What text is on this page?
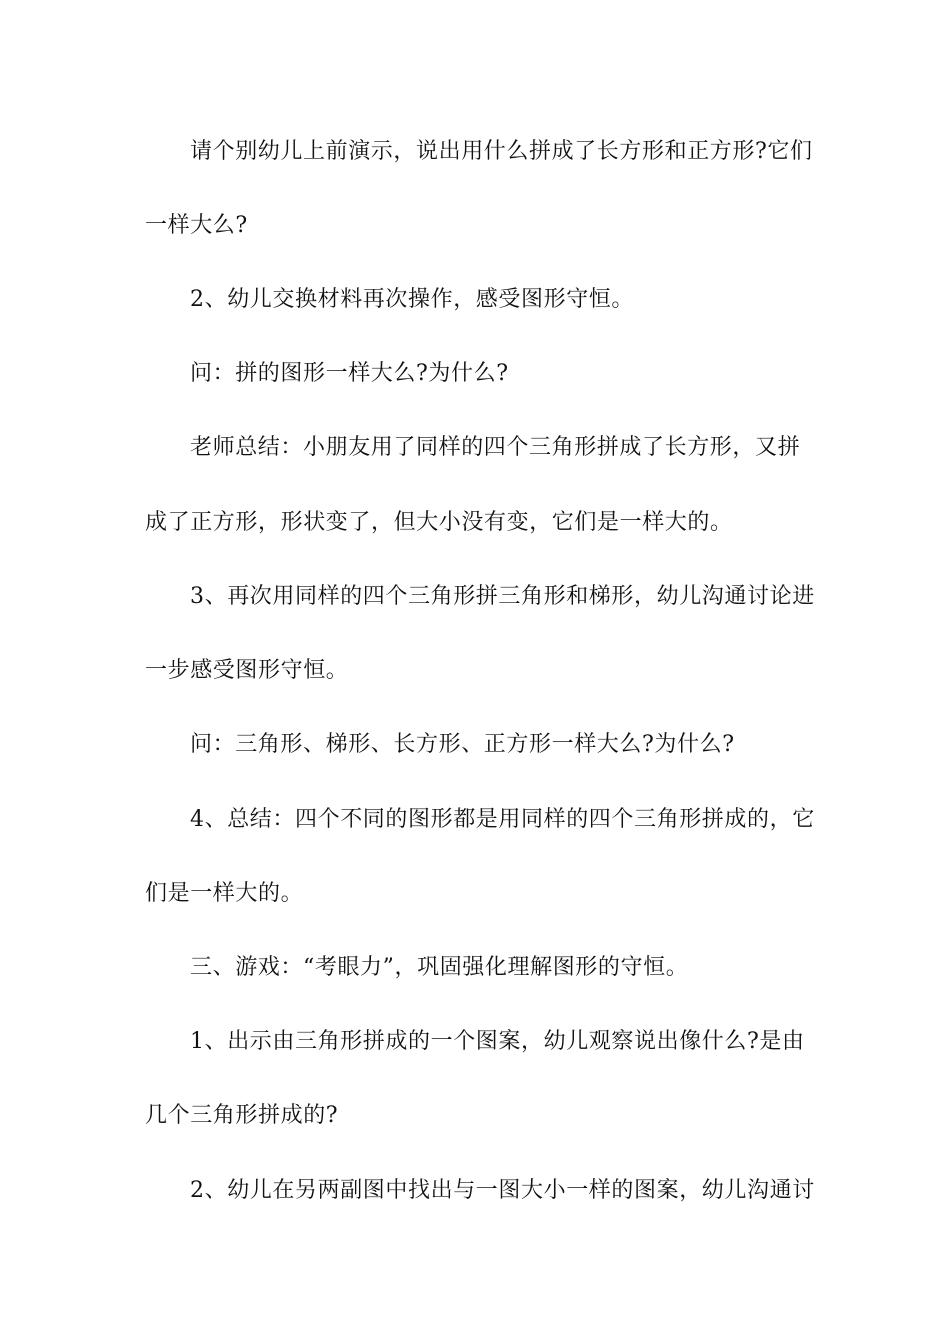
请个别幼儿上前演示，说出用什么拼成了长方形和正方形?它们
一样大么?
2、幼儿交换材料再次操作，感受图形守恒。
问：拼的图形一样大么?为什么?
老师总结：小朋友用了同样的四个三角形拼成了长方形，又拼
成了正方形，形状变了，但大小没有变，它们是一样大的。
3、再次用同样的四个三角形拼三角形和梯形，幼儿沟通讨论进
一步感受图形守恒。
问：三角形、梯形、长方形、正方形一样大么?为什么?
4、总结：四个不同的图形都是用同样的四个三角形拼成的，它
们是一样大的。
三、游戏：“考眼力”，巩固强化理解图形的守恒。
1、出示由三角形拼成的一个图案，幼儿观察说出像什么?是由
几个三角形拼成的?
2、幼儿在另两副图中找出与一图大小一样的图案，幼儿沟通讨
